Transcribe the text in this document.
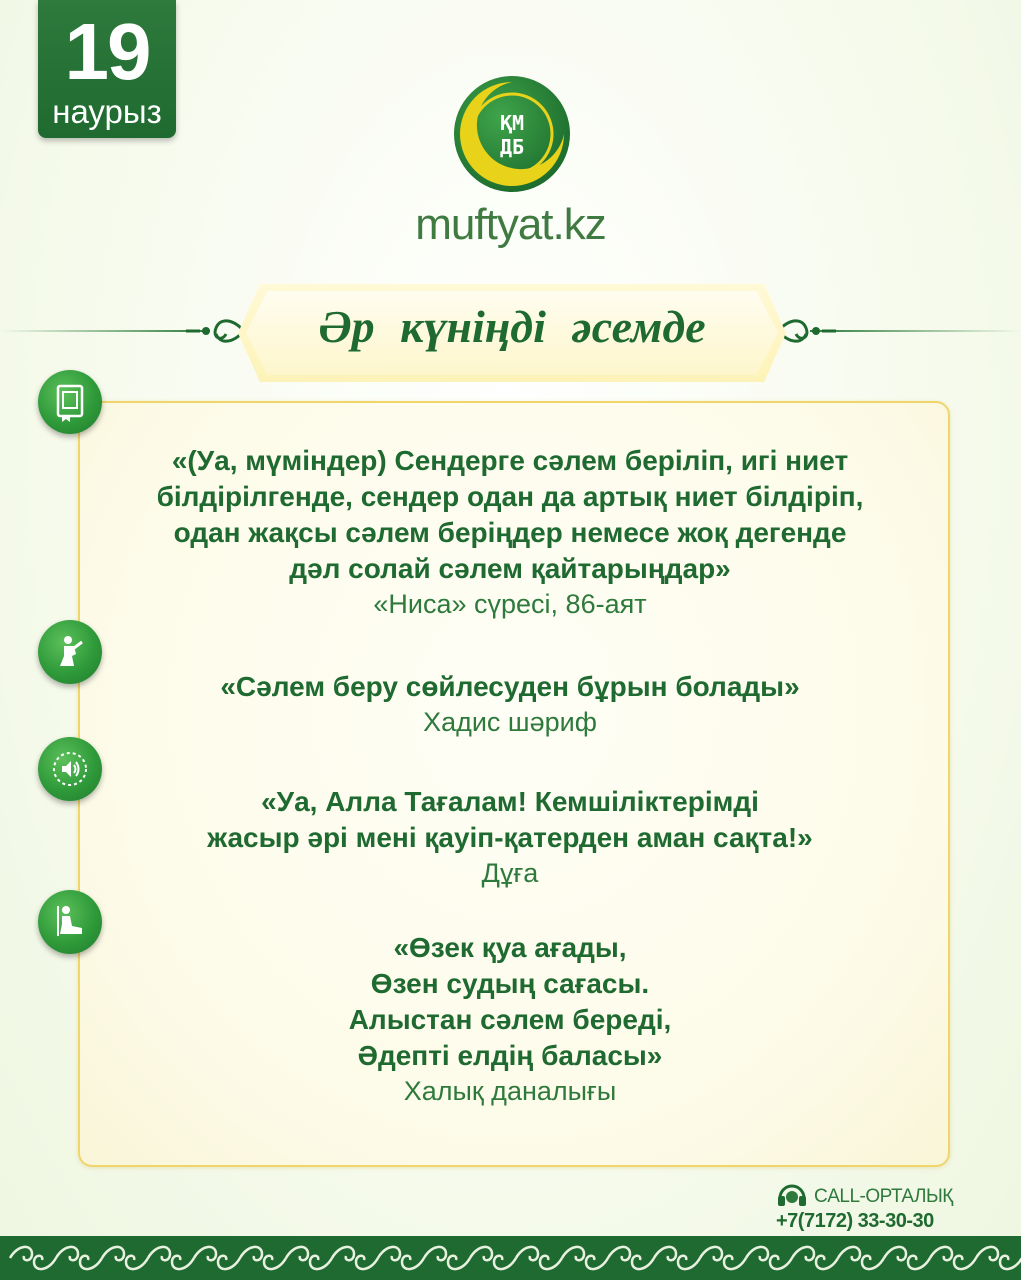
19
наурыз	ҚМ
ДБ
muftyat.kz
Әр күніңді әсемде
«(Уа, мүміндер) Сендерге сәлем беріліп, игі ниет
білдірілгенде, сендер одан да артық ниет білдіріп,
одан жақсы сәлем беріңдер немесе жоқ дегенде
дәл солай сәлем қайтарыңдар»
«Ниса» сүресі, 86-аят
«Сәлем беру сөйлесуден бұрын болады»
Хадис шәриф
«Уа, Алла Тағалам! Кемшіліктерімді
жасыр әрі мені қауіп-қатерден аман сақта!»
Дұға
«Өзек қуа ағады,
Өзен судың сағасы.
Алыстан сәлем береді,
Әдепті елдің баласы»
Халық даналығы
CALL-ОРТАЛЫҚ
+7(7172) 33-30-30
